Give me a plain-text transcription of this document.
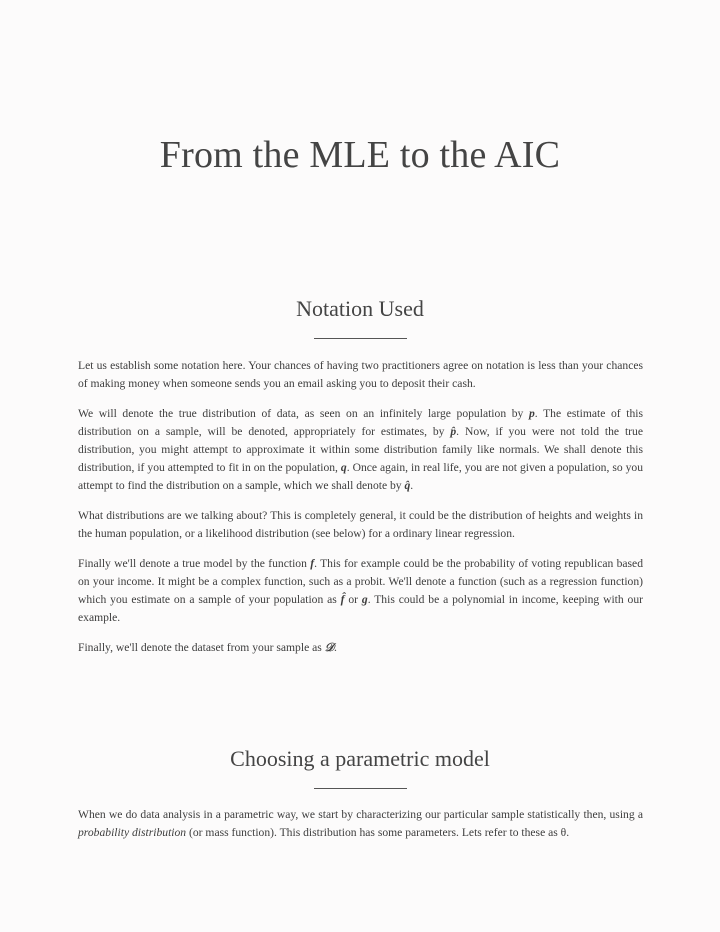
From the MLE to the AIC
Notation Used

Let us establish some notation here. Your chances of having two practitioners agree on notation is less than your chances of making money when someone sends you an email asking you to deposit their cash.

We will denote the true distribution of data, as seen on an infinitely large population by p. The estimate of this distribution on a sample, will be denoted, appropriately for estimates, by p̂. Now, if you were not told the true distribution, you might attempt to approximate it within some distribution family like normals. We shall denote this distribution, if you attempted to fit in on the population, q. Once again, in real life, you are not given a population, so you attempt to find the distribution on a sample, which we shall denote by q̂.

What distributions are we talking about? This is completely general, it could be the distribution of heights and weights in the human population, or a likelihood distribution (see below) for a ordinary linear regression.

Finally we'll denote a true model by the function f. This for example could be the probability of voting republican based on your income. It might be a complex function, such as a probit. We'll denote a function (such as a regression function) which you estimate on a sample of your population as f̂ or g. This could be a polynomial in income, keeping with our example.

Finally, we'll denote the dataset from your sample as 𝒟.

Choosing a parametric model

When we do data analysis in a parametric way, we start by characterizing our particular sample statistically then, using a probability distribution (or mass function). This distribution has some parameters. Lets refer to these as θ.
